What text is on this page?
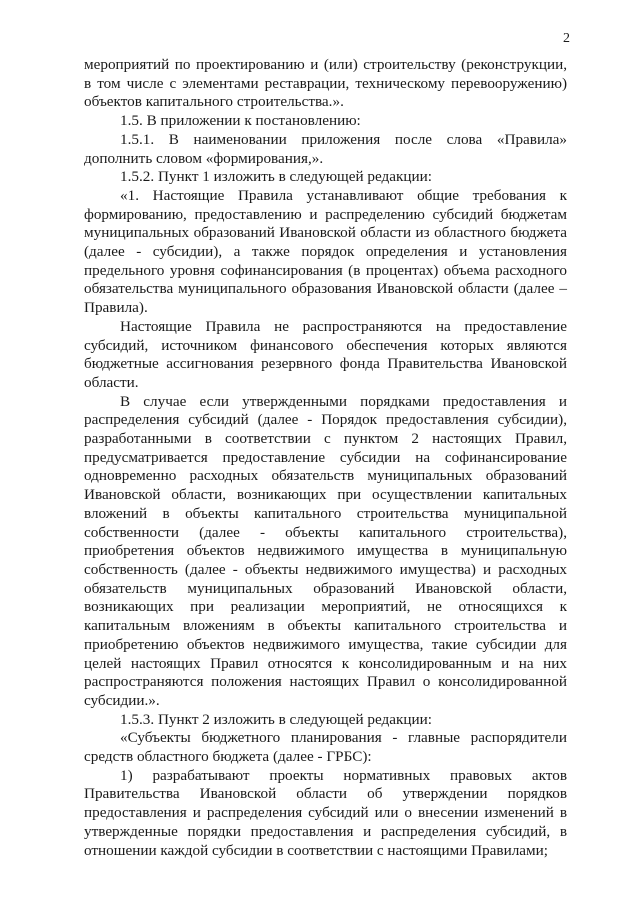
2

мероприятий по проектированию и (или) строительству (реконструкции, в том числе с элементами реставрации, техническому перевооружению) объектов капитального строительства.».

1.5. В приложении к постановлению:

1.5.1. В наименовании приложения после слова «Правила» дополнить словом «формирования,».

1.5.2. Пункт 1 изложить в следующей редакции:

«1. Настоящие Правила устанавливают общие требования к формированию, предоставлению и распределению субсидий бюджетам муниципальных образований Ивановской области из областного бюджета (далее - субсидии), а также порядок определения и установления предельного уровня софинансирования (в процентах) объема расходного обязательства муниципального образования Ивановской области (далее – Правила).

Настоящие Правила не распространяются на предоставление субсидий, источником финансового обеспечения которых являются бюджетные ассигнования резервного фонда Правительства Ивановской области.

В случае если утвержденными порядками предоставления и распределения субсидий (далее - Порядок предоставления субсидии), разработанными в соответствии с пунктом 2 настоящих Правил, предусматривается предоставление субсидии на софинансирование одновременно расходных обязательств муниципальных образований Ивановской области, возникающих при осуществлении капитальных вложений в объекты капитального строительства муниципальной собственности (далее - объекты капитального строительства), приобретения объектов недвижимого имущества в муниципальную собственность (далее - объекты недвижимого имущества) и расходных обязательств муниципальных образований Ивановской области, возникающих при реализации мероприятий, не относящихся к капитальным вложениям в объекты капитального строительства и приобретению объектов недвижимого имущества, такие субсидии для целей настоящих Правил относятся к консолидированным и на них распространяются положения настоящих Правил о консолидированной субсидии.».

1.5.3. Пункт 2 изложить в следующей редакции:

«Субъекты бюджетного планирования - главные распорядители средств областного бюджета (далее - ГРБС):

1) разрабатывают проекты нормативных правовых актов Правительства Ивановской области об утверждении порядков предоставления и распределения субсидий или о внесении изменений в утвержденные порядки предоставления и распределения субсидий, в отношении каждой субсидии в соответствии с настоящими Правилами;
